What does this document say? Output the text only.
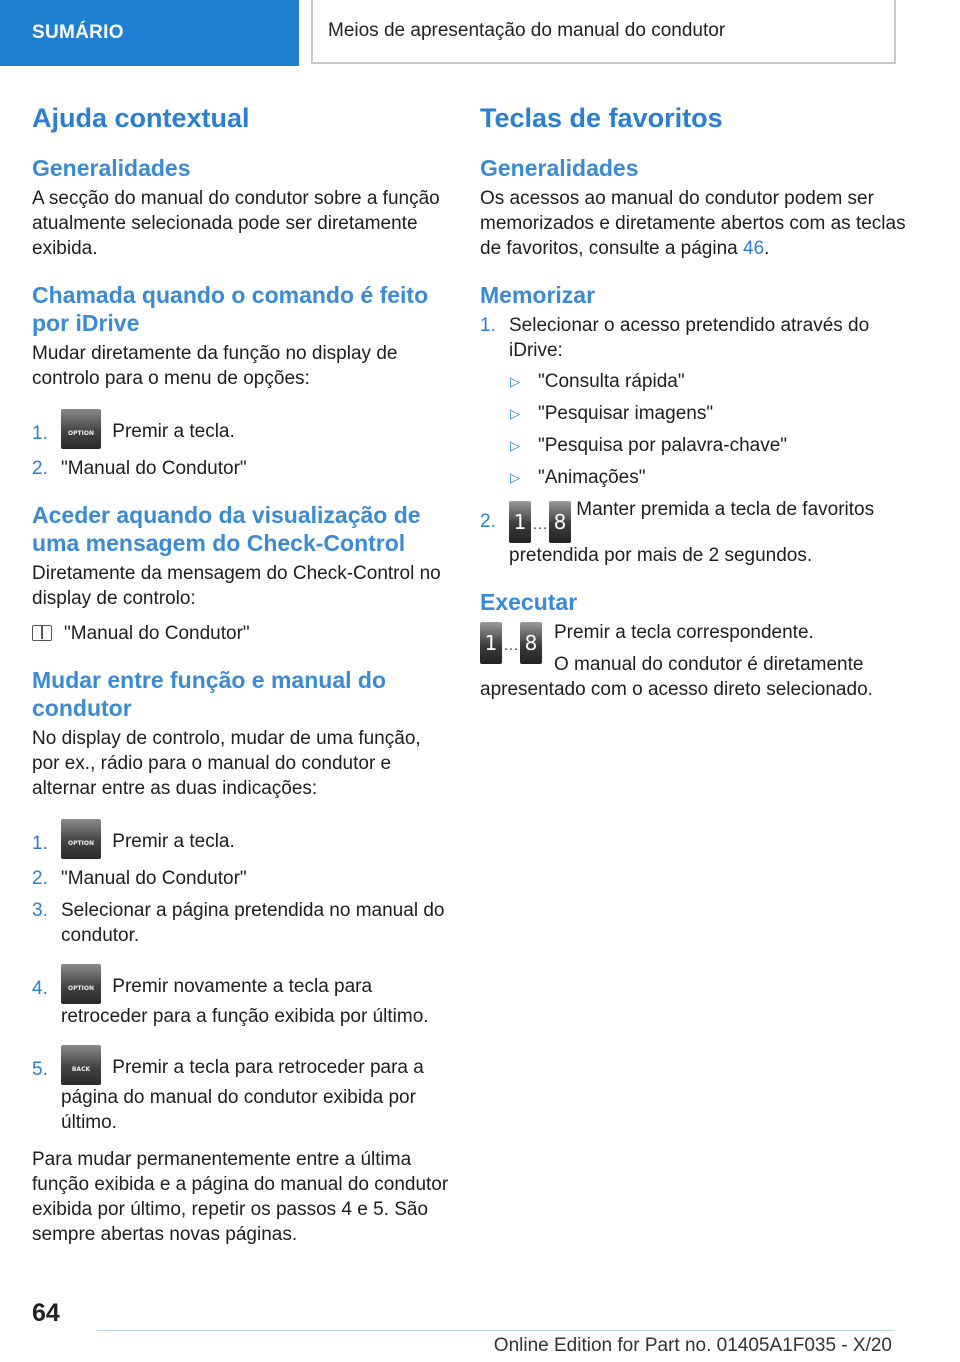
SUMÁRIO	Meios de apresentação do manual do condutor
Ajuda contextual
Generalidades

A secção do manual do condutor sobre a função atualmente selecionada pode ser diretamente exibida.

Chamada quando o comando é feito por iDrive

Mudar diretamente da função no display de controlo para o menu de opções:

1.	OPTION Premir a tecla.
2. "Manual do Condutor"
Aceder aquando da visualização de uma mensagem do Check-Control

Diretamente da mensagem do Check-Control no display de controlo:

"Manual do Condutor"
Mudar entre função e manual do condutor

No display de controlo, mudar de uma função, por ex., rádio para o manual do condutor e alternar entre as duas indicações:

1.	OPTION Premir a tecla.
2. "Manual do Condutor"
3. Selecionar a página pretendida no manual do condutor.
4.	OPTION Premir novamente a tecla para retroceder para a função exibida por último.
5.	BACK Premir a tecla para retroceder para a página do manual do condutor exibida por último.

Para mudar permanentemente entre a última função exibida e a página do manual do condutor exibida por último, repetir os passos 4 e 5. São sempre abertas novas páginas.

Teclas de favoritos
Generalidades

Os acessos ao manual do condutor podem ser memorizados e diretamente abertos com as teclas de favoritos, consulte a página 46.

Memorizar
1. Selecionar o acesso pretendido através do iDrive:
▷ "Consulta rápida"
▷ "Pesquisar imagens"
▷ "Pesquisa por palavra-chave"
▷ "Animações"
2. 1 … 8 Manter premida a tecla de favoritos pretendida por mais de 2 segundos.
Executar
1 … 8 Premir a tecla correspondente.

O manual do condutor é diretamente apresentado com o acesso direto selecionado.

64
Online Edition for Part no. 01405A1F035 - X/20
